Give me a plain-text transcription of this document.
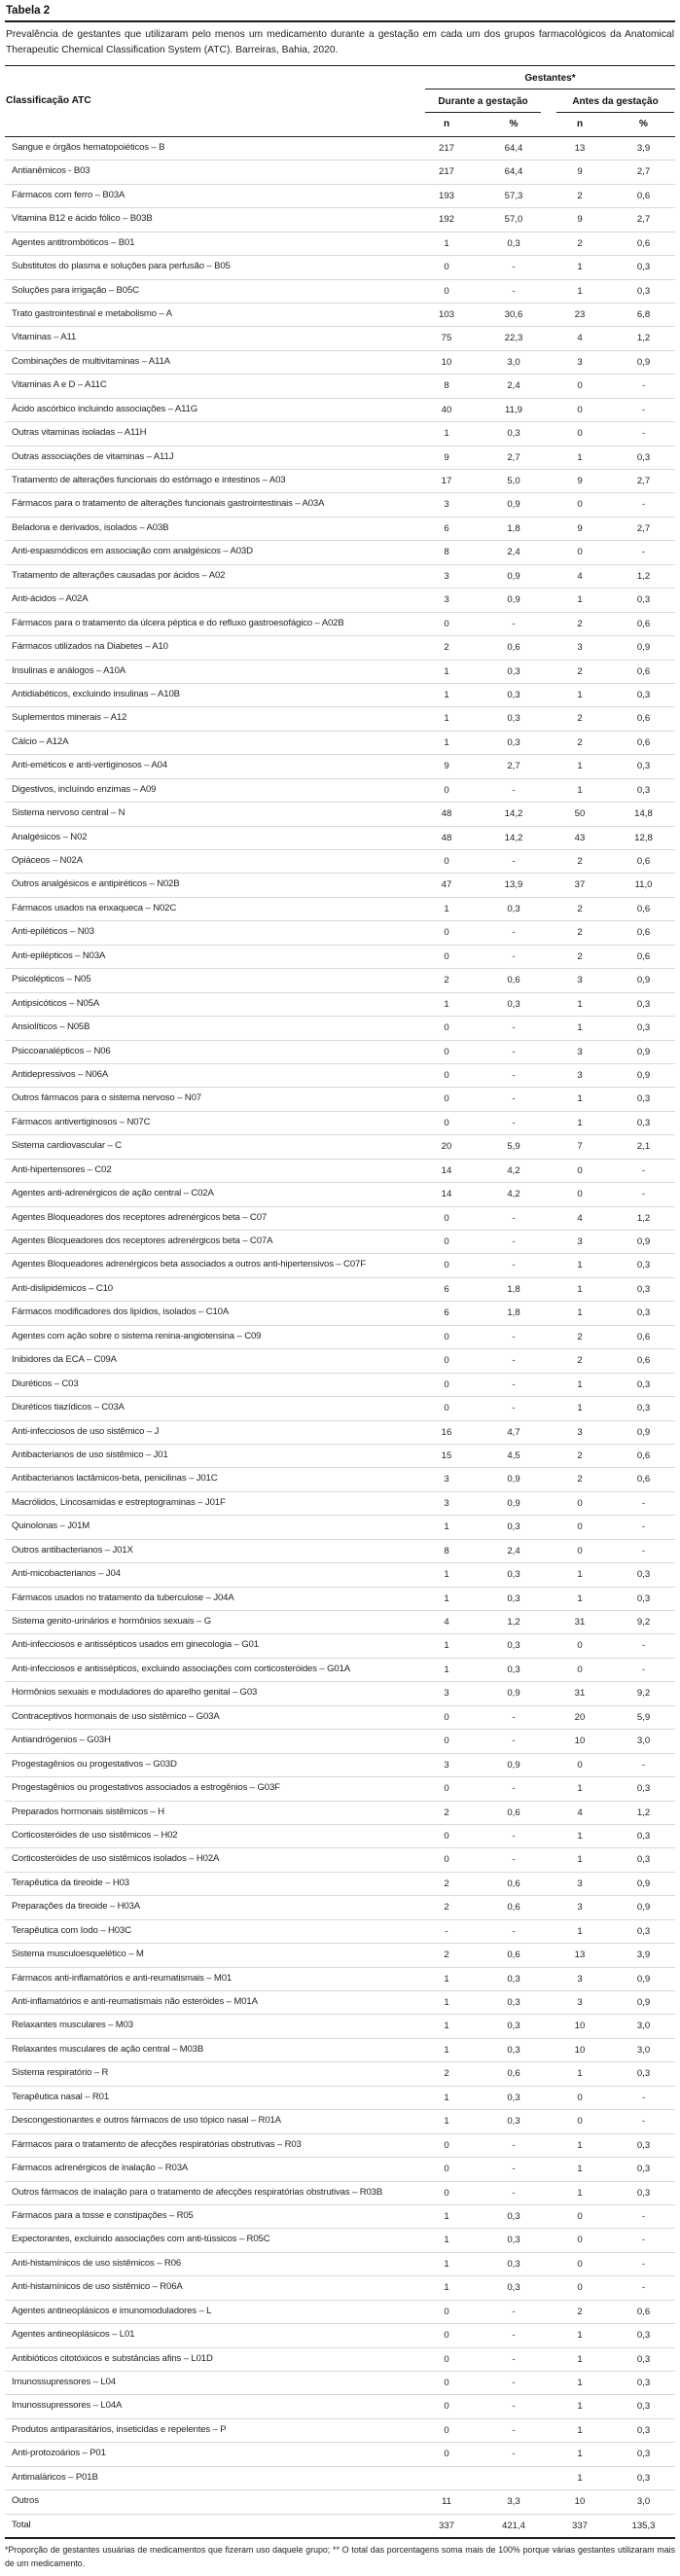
Tabela 2
Prevalência de gestantes que utilizaram pelo menos um medicamento durante a gestação em cada um dos grupos farmacológicos da Anatomical Therapeutic Chemical Classification System (ATC). Barreiras, Bahia, 2020.
Classificação ATC	Gestantes*			

	Durante a gestação		Antes da gestação	

	n	%	n	%
Sangue e órgãos hematopoiéticos – B	217	64,4	13	3,9
Antianêmicos - B03	217	64,4	9	2,7
Fármacos com ferro – B03A	193	57,3	2	0,6
Vitamina B12 e ácido fólico – B03B	192	57,0	9	2,7
Agentes antitrombóticos – B01	1	0,3	2	0,6
Substitutos do plasma e soluções para perfusão – B05	0	-	1	0,3
Soluções para irrigação – B05C	0	-	1	0,3
Trato gastrointestinal e metabolismo – A	103	30,6	23	6,8
Vitaminas – A11	75	22,3	4	1,2
Combinações de multivitaminas – A11A	10	3,0	3	0,9
Vitaminas A e D – A11C	8	2,4	0	-
Ácido ascórbico incluindo associações – A11G	40	11,9	0	-
Outras vitaminas isoladas – A11H	1	0,3	0	-
Outras associações de vitaminas – A11J	9	2,7	1	0,3
Tratamento de alterações funcionais do estômago e intestinos – A03	17	5,0	9	2,7
Fármacos para o tratamento de alterações funcionais gastrointestinais – A03A	3	0,9	0	-
Beladona e derivados, isolados – A03B	6	1,8	9	2,7
Anti-espasmódicos em associação com analgésicos – A03D	8	2,4	0	-
Tratamento de alterações causadas por ácidos – A02	3	0,9	4	1,2
Anti-ácidos – A02A	3	0,9	1	0,3
Fármacos para o tratamento da úlcera péptica e do refluxo gastroesofágico – A02B	0	-	2	0,6
Fármacos utilizados na Diabetes – A10	2	0,6	3	0,9
Insulinas e análogos – A10A	1	0,3	2	0,6
Antidiabéticos, excluindo insulinas – A10B	1	0,3	1	0,3
Suplementos minerais – A12	1	0,3	2	0,6
Cálcio – A12A	1	0,3	2	0,6
Anti-eméticos e anti-vertiginosos – A04	9	2,7	1	0,3
Digestivos, incluíndo enzimas – A09	0	-	1	0,3
Sistema nervoso central – N	48	14,2	50	14,8
Analgésicos – N02	48	14,2	43	12,8
Opiáceos – N02A	0	-	2	0,6
Outros analgésicos e antipiréticos – N02B	47	13,9	37	11,0
Fármacos usados na enxaqueca – N02C	1	0,3	2	0,6
Anti-epiléticos – N03	0	-	2	0,6
Anti-epilépticos – N03A	0	-	2	0,6
Psicolépticos – N05	2	0,6	3	0,9
Antipsicóticos – N05A	1	0,3	1	0,3
Ansiolíticos – N05B	0	-	1	0,3
Psiccoanalépticos – N06	0	-	3	0,9
Antidepressivos – N06A	0	-	3	0,9
Outros fármacos para o sistema nervoso – N07	0	-	1	0,3
Fármacos antivertiginosos – N07C	0	-	1	0,3
Sistema cardiovascular – C	20	5,9	7	2,1
Anti-hipertensores – C02	14	4,2	0	-
Agentes anti-adrenérgicos de ação central – C02A	14	4,2	0	-
Agentes Bloqueadores dos receptores adrenérgicos beta – C07	0	-	4	1,2
Agentes Bloqueadores dos receptores adrenérgicos beta – C07A	0	-	3	0,9
Agentes Bloqueadores adrenérgicos beta associados a outros anti-hipertensivos – C07F	0	-	1	0,3
Anti-dislipidémicos – C10	6	1,8	1	0,3
Fármacos modificadores dos lipídios, isolados – C10A	6	1,8	1	0,3
Agentes com ação sobre o sistema renina-angiotensina – C09	0	-	2	0,6
Inibidores da ECA – C09A	0	-	2	0,6
Diuréticos – C03	0	-	1	0,3
Diuréticos tiazídicos – C03A	0	-	1	0,3
Anti-infecciosos de uso sistêmico – J	16	4,7	3	0,9
Antibacterianos de uso sistêmico – J01	15	4,5	2	0,6
Antibacterianos lactâmicos-beta, penicilinas – J01C	3	0,9	2	0,6
Macrólidos, Lincosamidas e estreptograminas – J01F	3	0,9	0	-
Quinolonas – J01M	1	0,3	0	-
Outros antibacterianos – J01X	8	2,4	0	-
Anti-micobacterianos – J04	1	0,3	1	0,3
Fármacos usados no tratamento da tuberculose – J04A	1	0,3	1	0,3
Sistema genito-urinários e hormônios sexuais – G	4	1,2	31	9,2
Anti-infecciosos e antissépticos usados em ginecologia – G01	1	0,3	0	-
Anti-infecciosos e antissépticos, excluindo associações com corticosteróides – G01A	1	0,3	0	-
Hormônios sexuais e moduladores do aparelho genital – G03	3	0,9	31	9,2
Contraceptivos hormonais de uso sistêmico – G03A	0	-	20	5,9
Antiandrógenios – G03H	0	-	10	3,0
Progestagênios ou progestativos – G03D	3	0,9	0	-
Progestagênios ou progestativos associados a estrogênios – G03F	0	-	1	0,3
Preparados hormonais sistêmicos – H	2	0,6	4	1,2
Corticosteróides de uso sistêmicos – H02	0	-	1	0,3
Corticosteróides de uso sistêmicos isolados – H02A	0	-	1	0,3
Terapêutica da tireoide – H03	2	0,6	3	0,9
Preparações da tireoide – H03A	2	0,6	3	0,9
Terapêutica com Iodo – H03C	-	-	1	0,3
Sistema musculoesquelético – M	2	0,6	13	3,9
Fármacos anti-inflamatórios e anti-reumatismais – M01	1	0,3	3	0,9
Anti-inflamatórios e anti-reumatismais não esteróides – M01A	1	0,3	3	0,9
Relaxantes musculares – M03	1	0,3	10	3,0
Relaxantes musculares de ação central – M03B	1	0,3	10	3,0
Sistema respiratório – R	2	0,6	1	0,3
Terapêutica nasal – R01	1	0,3	0	-
Descongestionantes e outros fármacos de uso tópico nasal – R01A	1	0,3	0	-
Fármacos para o tratamento de afecções respiratórias obstrutivas – R03	0	-	1	0,3
Fármacos adrenérgicos de inalação – R03A	0	-	1	0,3
Outros fármacos de inalação para o tratamento de afecções respiratórias obstrutivas – R03B	0	-	1	0,3
Fármacos para a tosse e constipações – R05	1	0,3	0	-
Expectorantes, excluindo associações com anti-tússicos – R05C	1	0,3	0	-
Anti-histamínicos de uso sistêmicos – R06	1	0,3	0	-
Anti-histamínicos de uso sistêmico – R06A	1	0,3	0	-
Agentes antineoplásicos e imunomoduladores – L	0	-	2	0,6
Agentes antineoplásicos – L01	0	-	1	0,3
Antibióticos citotóxicos e substâncias afins – L01D	0	-	1	0,3
Imunossupressores – L04	0	-	1	0,3
Imunossupressores – L04A	0	-	1	0,3
Produtos antiparasitários, inseticidas e repelentes – P	0	-	1	0,3
Anti-protozoários – P01	0	-	1	0,3
Antimaláricos – P01B			1	0,3
Outros	11	3,3	10	3,0
Total	337	421,4	337	135,3
*Proporção de gestantes usuárias de medicamentos que fizeram uso daquele grupo; ** O total das porcentagens soma mais de 100% porque várias gestantes utilizaram mais de um medicamento.
